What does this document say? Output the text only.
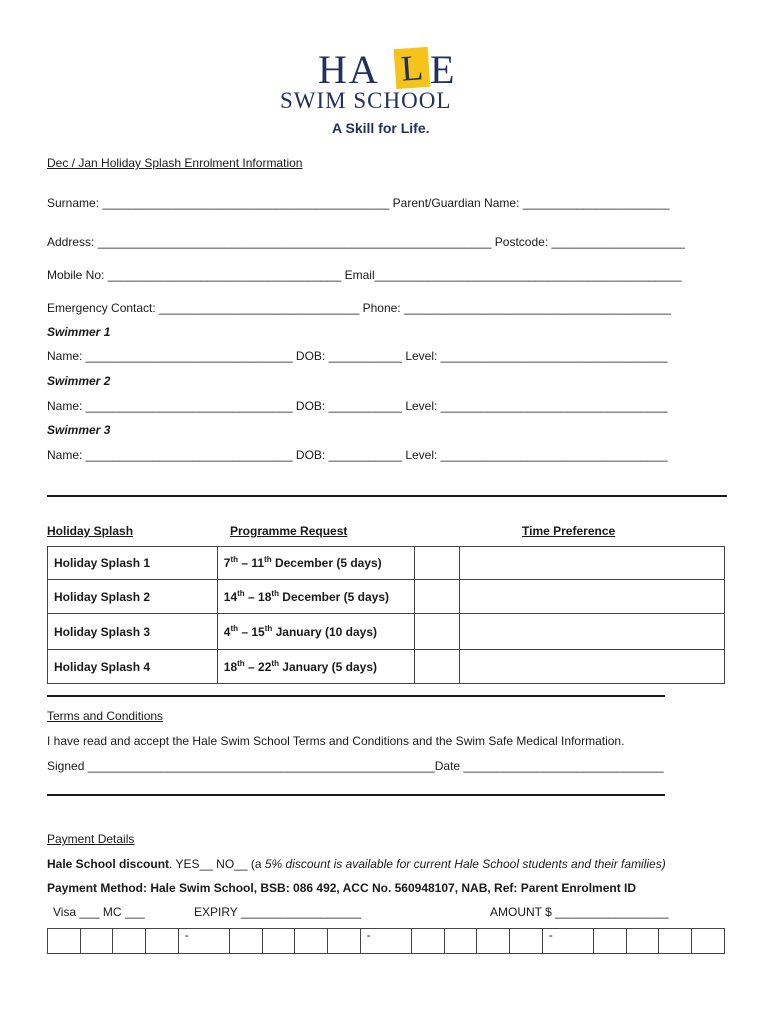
HA L E
SWIM SCHOOL
A Skill for Life.
Dec / Jan Holiday Splash Enrolment Information
Surname: ___________________________________________ Parent/Guardian Name: ______________________
Address: ___________________________________________________________ Postcode: ____________________
Mobile No: ___________________________________ Email______________________________________________
Emergency Contact: ______________________________ Phone: ________________________________________
Swimmer 1
Name: _______________________________ DOB: ___________ Level: __________________________________
Swimmer 2
Name: _______________________________ DOB: ___________ Level: __________________________________
Swimmer 3
Name: _______________________________ DOB: ___________ Level: __________________________________
Holiday Splash	Programme Request	Time Preference
Holiday Splash 1	7th – 11th December (5 days)		
Holiday Splash 2	14th – 18th December (5 days)		
Holiday Splash 3	4th – 15th January (10 days)		
Holiday Splash 4	18th – 22th January (5 days)		
Terms and Conditions
I have read and accept the Hale Swim School Terms and Conditions and the Swim Safe Medical Information.
Signed ____________________________________________________Date ______________________________
Payment Details
Hale School discount. YES__ NO__ (a 5% discount is available for current Hale School students and their families)
Payment Method: Hale Swim School, BSB: 086 492, ACC No. 560948107, NAB, Ref: Parent Enrolment ID
Visa ___ MC ___	EXPIRY __________________	AMOUNT $ _________________
				-					-					-				
